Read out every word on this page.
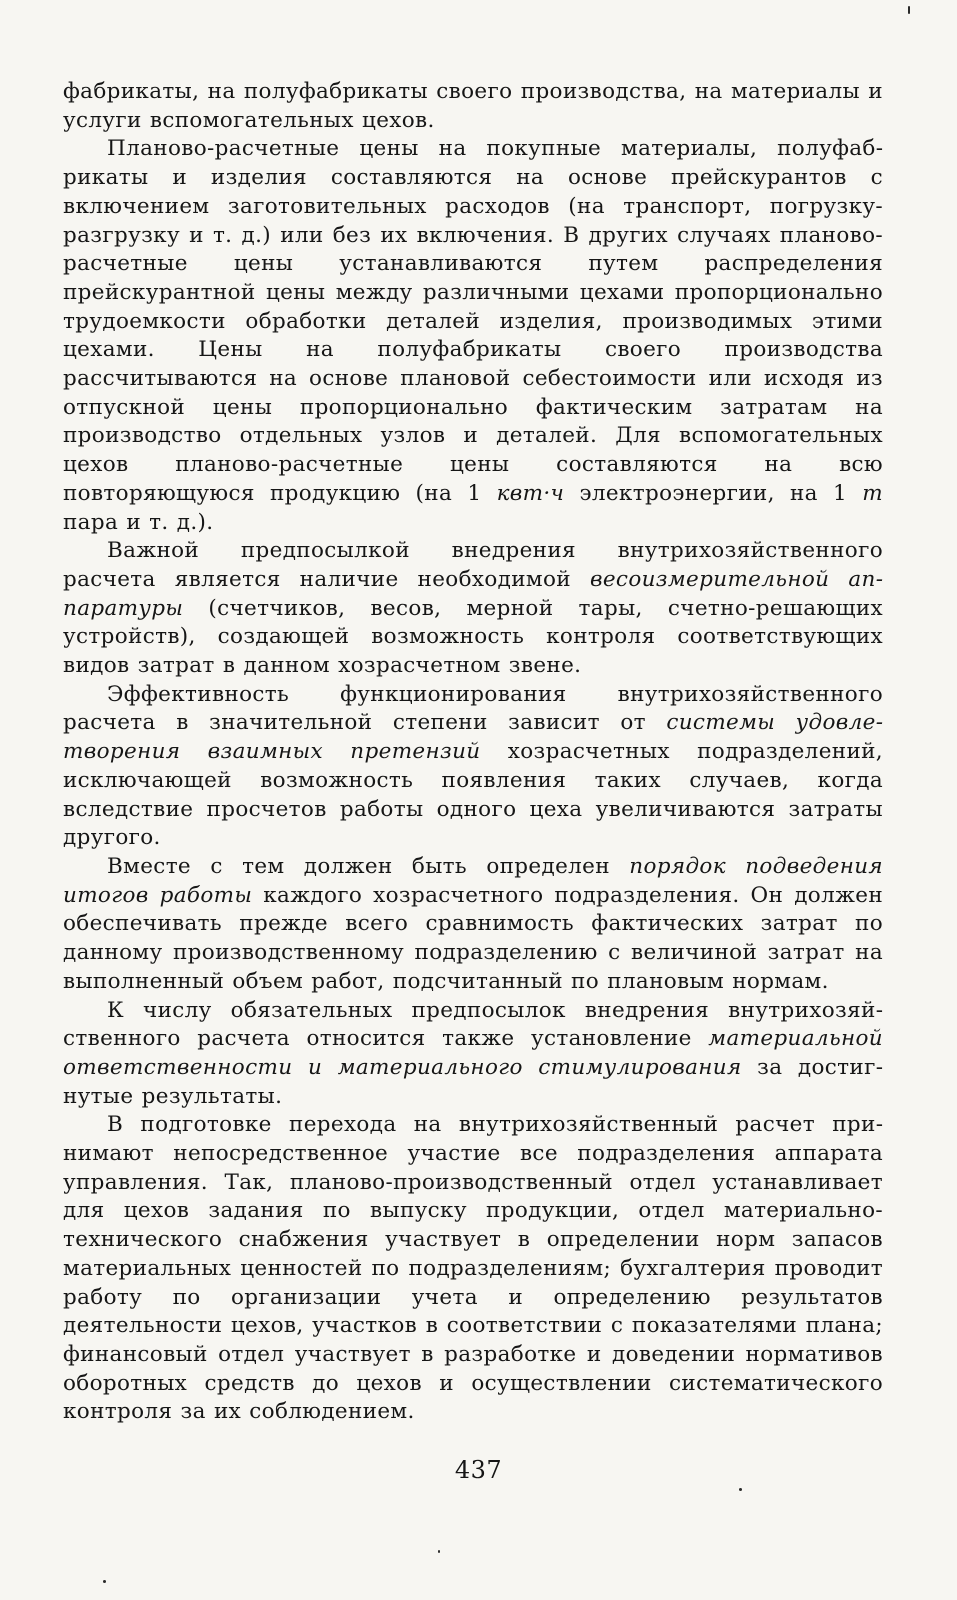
фабрикаты, на полуфабрикаты своего производства, на материалы и услуги вспомогательных цехов.

Планово-расчетные цены на покупные материалы, полуфабрикаты и изделия составляются на основе прейскурантов с включением заготовительных расходов (на транспорт, погрузку-разгрузку и т. д.) или без их включения. В других случаях планово-расчетные цены устанавливаются путем распределения прейскурантной цены между различными цехами пропорционально трудоемкости обработки деталей изделия, производимых этими цехами. Цены на полуфабрикаты своего производства рассчитываются на основе плановой себестоимости или исходя из отпускной цены пропорционально фактическим затратам на производство отдельных узлов и деталей. Для вспомогательных цехов планово-расчетные цены составляются на всю повторяющуюся продукцию (на 1 квт·ч электроэнергии, на 1 т пара и т. д.).

Важной предпосылкой внедрения внутрихозяйственного расчета является наличие необходимой весоизмерительной аппаратуры (счетчиков, весов, мерной тары, счетно-решающих устройств), создающей возможность контроля соответствующих видов затрат в данном хозрасчетном звене.

Эффективность функционирования внутрихозяйственного расчета в значительной степени зависит от системы удовлетворения взаимных претензий хозрасчетных подразделений, исключающей возможность появления таких случаев, когда вследствие просчетов работы одного цеха увеличиваются затраты другого.

Вместе с тем должен быть определен порядок подведения итогов работы каждого хозрасчетного подразделения. Он должен обеспечивать прежде всего сравнимость фактических затрат по данному производственному подразделению с величиной затрат на выполненный объем работ, подсчитанный по плановым нормам.

К числу обязательных предпосылок внедрения внутрихозяйственного расчета относится также установление материальной ответственности и материального стимулирования за достигнутые результаты.

В подготовке перехода на внутрихозяйственный расчет принимают непосредственное участие все подразделения аппарата управления. Так, планово-производственный отдел устанавливает для цехов задания по выпуску продукции, отдел материально-технического снабжения участвует в определении норм запасов материальных ценностей по подразделениям; бухгалтерия проводит работу по организации учета и определению результатов деятельности цехов, участков в соответствии с показателями плана; финансовый отдел участвует в разработке и доведении нормативов оборотных средств до цехов и осуществлении систематического контроля за их соблюдением.

437
